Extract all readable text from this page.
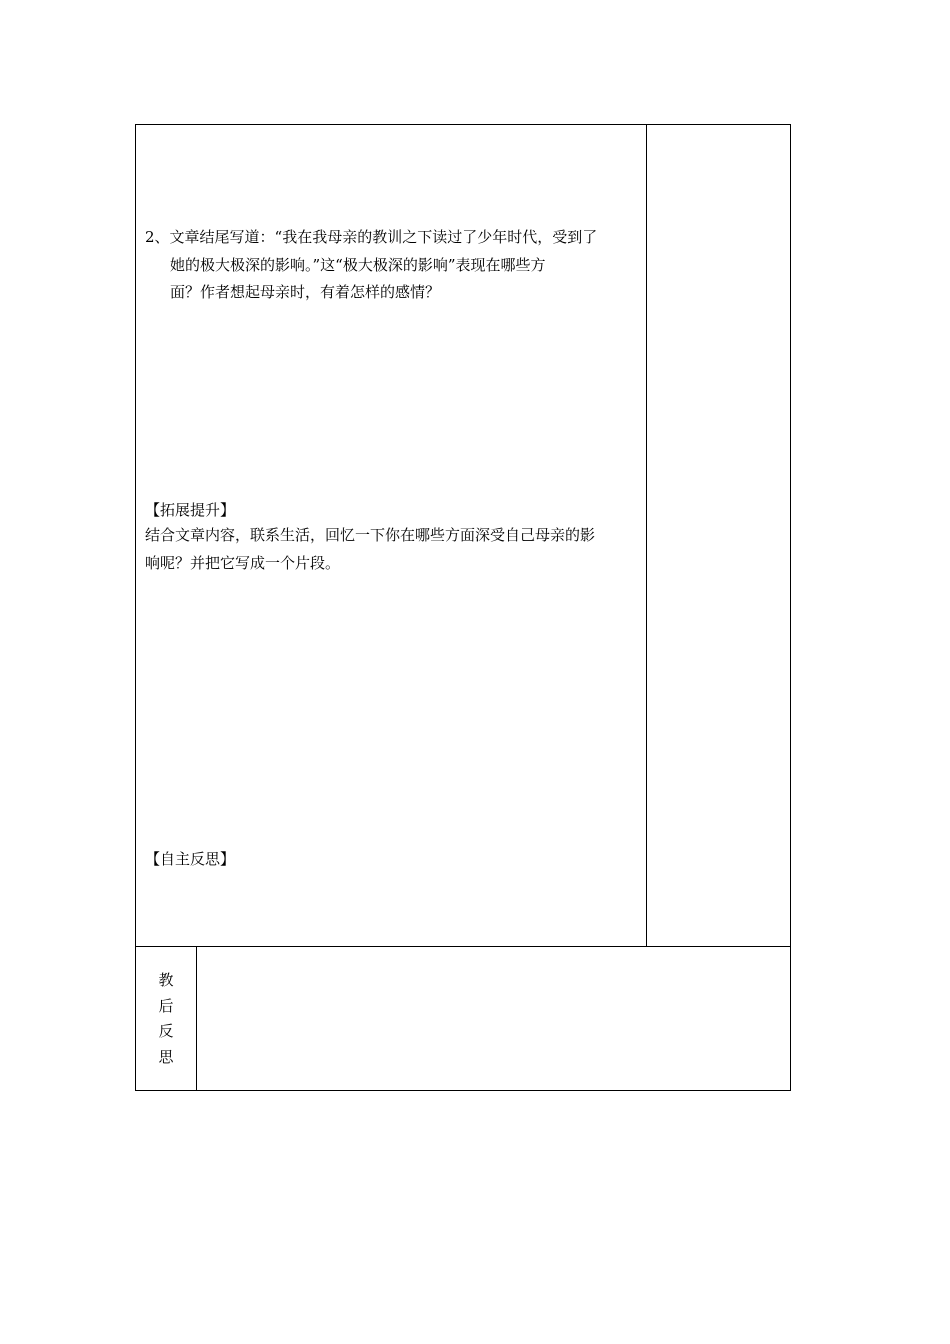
2、文章结尾写道：“我在我母亲的教训之下读过了少年时代，受到了
她的极大极深的影响。”这“极大极深的影响”表现在哪些方
面？作者想起母亲时，有着怎样的感情？
【拓展提升】
结合文章内容，联系生活，回忆一下你在哪些方面深受自己母亲的影
响呢？并把它写成一个片段。
【自主反思】
教
后
反
思
